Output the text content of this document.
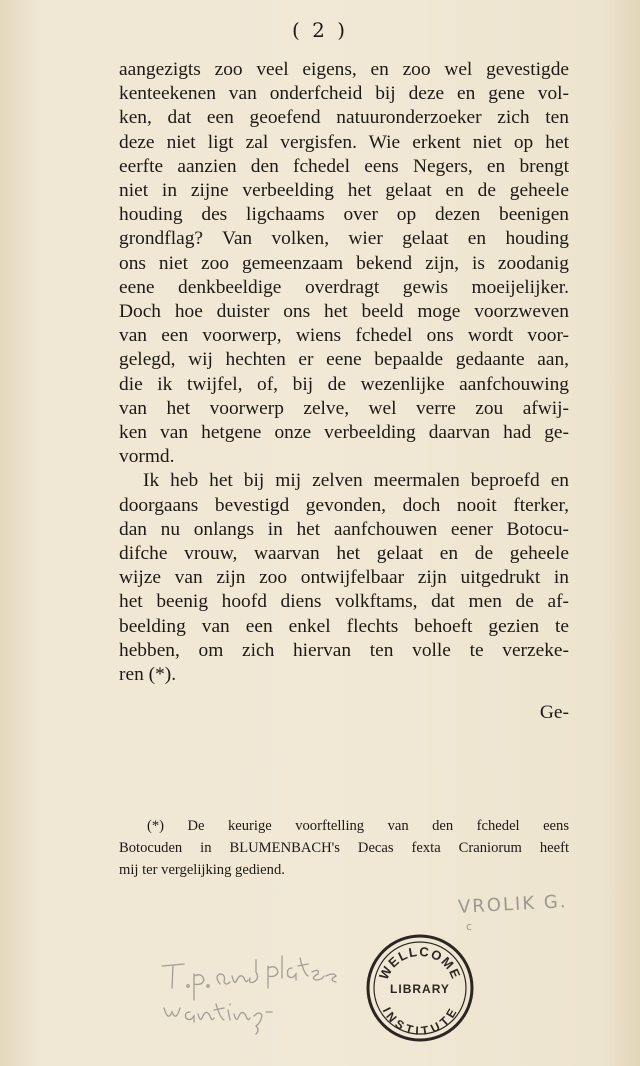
( 2 )
aangezigts zoo veel eigens, en zoo wel gevestigde
kenteekenen van onderfcheid bij deze en gene vol-
ken, dat een geoefend natuuronderzoeker zich ten
deze niet ligt zal vergisfen. Wie erkent niet op het
eerfte aanzien den fchedel eens Negers, en brengt
niet in zijne verbeelding het gelaat en de geheele
houding des ligchaams over op dezen beenigen
grondflag? Van volken, wier gelaat en houding
ons niet zoo gemeenzaam bekend zijn, is zoodanig
eene denkbeeldige overdragt gewis moeijelijker.
Doch hoe duister ons het beeld moge voorzweven
van een voorwerp, wiens fchedel ons wordt voor-
gelegd, wij hechten er eene bepaalde gedaante aan,
die ik twijfel, of, bij de wezenlijke aanfchouwing
van het voorwerp zelve, wel verre zou afwij-
ken van hetgene onze verbeelding daarvan had ge-
vormd.
Ik heb het bij mij zelven meermalen beproefd en
doorgaans bevestigd gevonden, doch nooit fterker,
dan nu onlangs in het aanfchouwen eener Botocu-
difche vrouw, waarvan het gelaat en de geheele
wijze van zijn zoo ontwijfelbaar zijn uitgedrukt in
het beenig hoofd diens volkftams, dat men de af-
beelding van een enkel flechts behoeft gezien te
hebben, om zich hiervan ten volle te verzeke-
ren (*).
Ge-
(*) De keurige voorftelling van den fchedel eens
Botocuden in BLUMENBACH's Decas fexta Craniorum heeft
mij ter vergelijking gediend.
VROLIK G.
c
WELLCOME
LIBRARY
INSTITUTE
